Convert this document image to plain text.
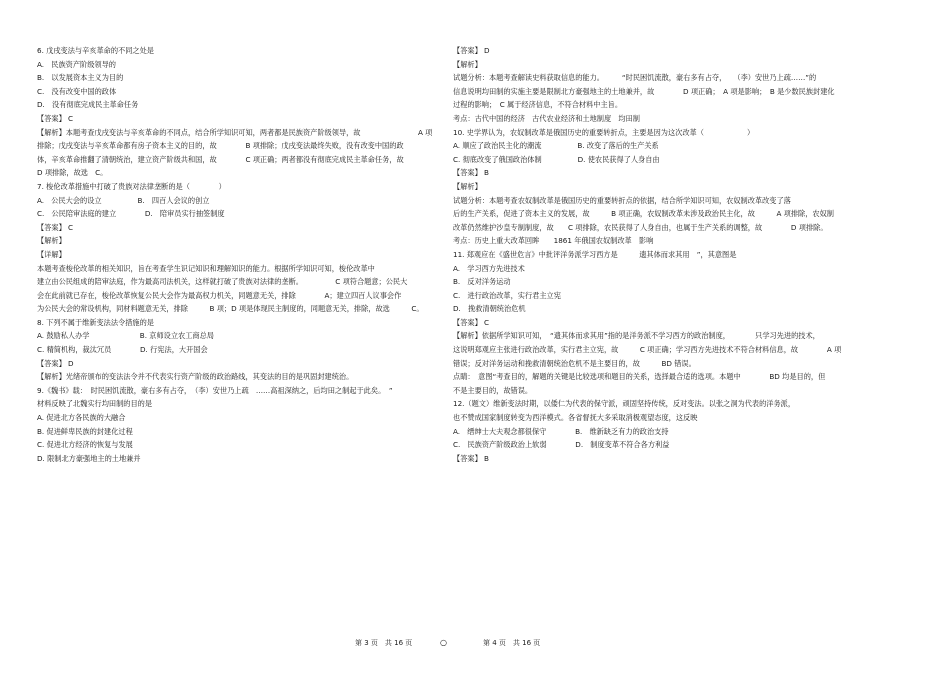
6. 戊戌变法与辛亥革命的不同之处是
A.　民族资产阶级领导的
B.　以发展资本主义为目的
C.　没有改变中国的政体
D.　没有彻底完成民主革命任务
【答案】 C
【解析】本题考查戊戌变法与辛亥革命的不同点，结合所学知识可知，两者都是民族资产阶级领导，故　　　　　　　　A 项
排除；戊戌变法与辛亥革命都有房子资本主义的目的，故　　　　B 项排除；戊戌变法最终失败，没有改变中国的政
体，辛亥革命推翻了清朝统治，建立资产阶级共和国，故　　　　C 项正确；两者都没有彻底完成民主革命任务，故
D 项排除，故选　C。
7. 梭伦改革措施中打破了贵族对法律垄断的是（　　　　）
A.　公民大会的设立　　　　　B.　四百人会议的创立
C.　公民陪审法庭的建立　　　　D.　陪审员实行抽签制度
【答案】 C
【解析】
【详解】
本题考查梭伦改革的相关知识，旨在考查学生识记知识和理解知识的能力。根据所学知识可知，梭伦改革中
建立由公民组成的陪审法庭，作为最高司法机关，这样就打破了贵族对法律的垄断。　　　　　C 项符合题意；公民大
会在此前就已存在，梭伦改革恢复公民大会作为最高权力机关，同题意无关，排除　　　　A；建立四百人议事会作
为公民大会的常设机构，同材料题意无关，排除　　　B 项；D 项是体现民主制度的，同题意无关，排除，故选　　　C。
8. 下列不属于维新变法法令措施的是
A. 鼓励私人办学　　　　　　　B. 京师设立农工商总局
C. 精简机构，裁汰冗员　　　　D. 行宪法，大开国会
【答案】 D
【解析】光绪帝颁布的变法法令并不代表实行资产阶级的政治路线，其变法的目的是巩固封建统治。
9.《魏书》载：　时民困饥流散，豪右多有占夺，　（李）安世乃上疏　……高祖深纳之，后均田之制起于此矣。　”
材料反映了北魏实行均田制的目的是
A. 促进北方各民族的大融合
B. 促进鲜卑民族的封建化过程
C. 促进北方经济的恢复与发展
D. 限制北方豪强地主的土地兼并
【答案】 D
【解析】
试题分析：本题考查解读史料获取信息的能力。　　　“时民困饥流散，豪右多有占夺，　　（李）安世乃上疏……”的
信息说明均田制的实施主要是限制北方豪强地主的土地兼并，故　　　　D 项正确；　A 项是影响；　B 是少数民族封建化
过程的影响；　C 属于经济信息，不符合材料中主旨。
考点：古代中国的经济　古代农业经济和土地制度　均田制
10. 史学界认为，农奴制改革是俄国历史的重要转折点，主要是因为这次改革（　　　　　　）
A. 顺应了政治民主化的潮流　　　　　B. 改变了落后的生产关系
C. 彻底改变了俄国政治体制　　　　　D. 使农民获得了人身自由
【答案】 B
【解析】
试题分析：本题考查农奴制改革是俄国历史的重要转折点的依据，结合所学知识可知，农奴制改革改变了落
后的生产关系，促进了资本主义的发展，故　　　B 项正确，农奴制改革未涉及政治民主化，故　　　A 项排除，农奴制
改革仍然维护沙皇专制制度，故　　C 项排除，农民获得了人身自由，也属于生产关系的调整，故　　　　D 项排除。
考点：历史上重大改革回眸　　1861 年俄国农奴制改革　影响
11. 郑观应在《盛世危言》中批评洋务派学习西方是　　　遗其体而求其用　”，其意图是
A.　学习西方先进技术
B.　反对洋务运动
C.　进行政治改革，实行君主立宪
D.　挽救清朝统治危机
【答案】 C
【解析】依据所学知识可知，　“遗其体而求其用”指的是洋务派不学习西方的政治制度，　　　　只学习先进的技术，
这说明郑观应主张进行政治改革，实行君主立宪，故　　　C 项正确；学习西方先进技术不符合材料信息，故　　　　A 项
错误；反对洋务运动和挽救清朝统治危机不是主要目的，故　　　BD 错误。
点睛：　意图“考查目的，解题的关键是比较选项和题目的关系，选择最合适的选项。本题中　　　　BD 均是目的，但
不是主要目的，故错误。
12.（题文）维新变法时期，以倭仁为代表的保守派，顽固坚持传统，反对变法。以张之洞为代表的洋务派，
也不赞成国家制度转变为西洋模式。各省督抚大多采取消极观望态度，这反映
A.　缙绅士大夫观念都很保守　　　　B.　维新缺乏有力的政治支持
C.　民族资产阶级政治上软弱　　　　D.　制度变革不符合各方利益
【答案】 B
第 3 页　共 16 页	○	第 4 页　共 16 页
